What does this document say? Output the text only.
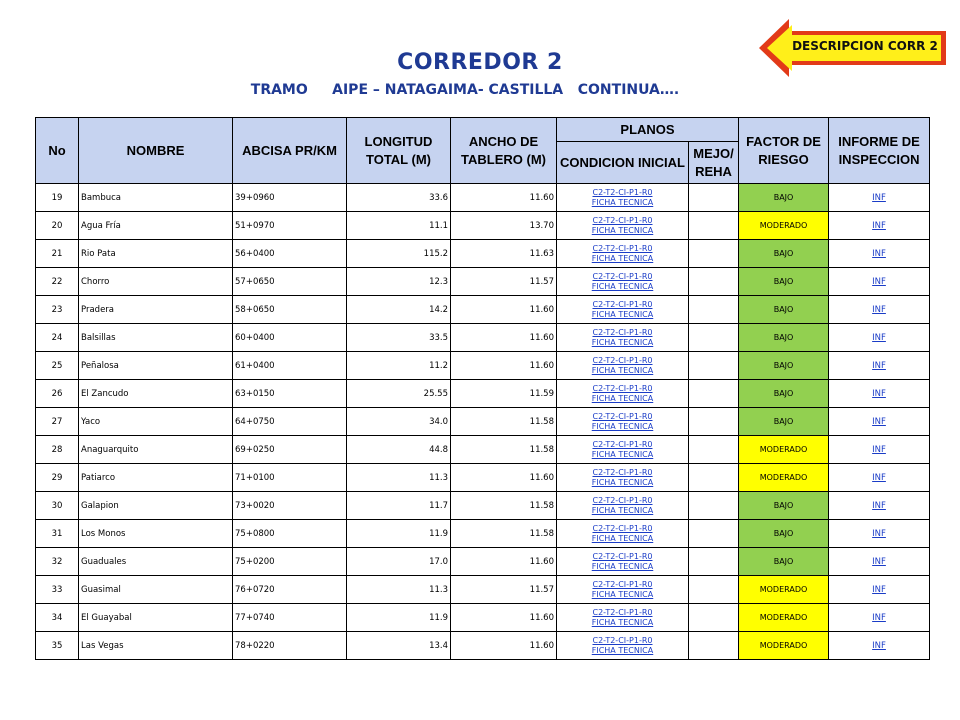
CORREDOR 2
TRAMO     AIPE – NATAGAIMA- CASTILLA   CONTINUA….
DESCRIPCION CORR 2
No	NOMBRE	ABCISA PR/KM	LONGITUD TOTAL (M)	ANCHO DE TABLERO (M)	PLANOS		FACTOR DE RIESGO	INFORME DE INSPECCION
					CONDICION INICIAL	MEJO/ REHA		
19	Bambuca	39+0960	33.6	11.60	C2-T2-CI-P1-R0
FICHA TECNICA		BAJO	INF
20	Agua Fría	51+0970	11.1	13.70	C2-T2-CI-P1-R0
FICHA TECNICA		MODERADO	INF
21	Rio Pata	56+0400	115.2	11.63	C2-T2-CI-P1-R0
FICHA TECNICA		BAJO	INF
22	Chorro	57+0650	12.3	11.57	C2-T2-CI-P1-R0
FICHA TECNICA		BAJO	INF
23	Pradera	58+0650	14.2	11.60	C2-T2-CI-P1-R0
FICHA TECNICA		BAJO	INF
24	Balsillas	60+0400	33.5	11.60	C2-T2-CI-P1-R0
FICHA TECNICA		BAJO	INF
25	Peñalosa	61+0400	11.2	11.60	C2-T2-CI-P1-R0
FICHA TECNICA		BAJO	INF
26	El Zancudo	63+0150	25.55	11.59	C2-T2-CI-P1-R0
FICHA TECNICA		BAJO	INF
27	Yaco	64+0750	34.0	11.58	C2-T2-CI-P1-R0
FICHA TECNICA		BAJO	INF
28	Anaguarquito	69+0250	44.8	11.58	C2-T2-CI-P1-R0
FICHA TECNICA		MODERADO	INF
29	Patiarco	71+0100	11.3	11.60	C2-T2-CI-P1-R0
FICHA TECNICA		MODERADO	INF
30	Galapion	73+0020	11.7	11.58	C2-T2-CI-P1-R0
FICHA TECNICA		BAJO	INF
31	Los Monos	75+0800	11.9	11.58	C2-T2-CI-P1-R0
FICHA TECNICA		BAJO	INF
32	Guaduales	75+0200	17.0	11.60	C2-T2-CI-P1-R0
FICHA TECNICA		BAJO	INF
33	Guasimal	76+0720	11.3	11.57	C2-T2-CI-P1-R0
FICHA TECNICA		MODERADO	INF
34	El Guayabal	77+0740	11.9	11.60	C2-T2-CI-P1-R0
FICHA TECNICA		MODERADO	INF
35	Las Vegas	78+0220	13.4	11.60	C2-T2-CI-P1-R0
FICHA TECNICA		MODERADO	INF
